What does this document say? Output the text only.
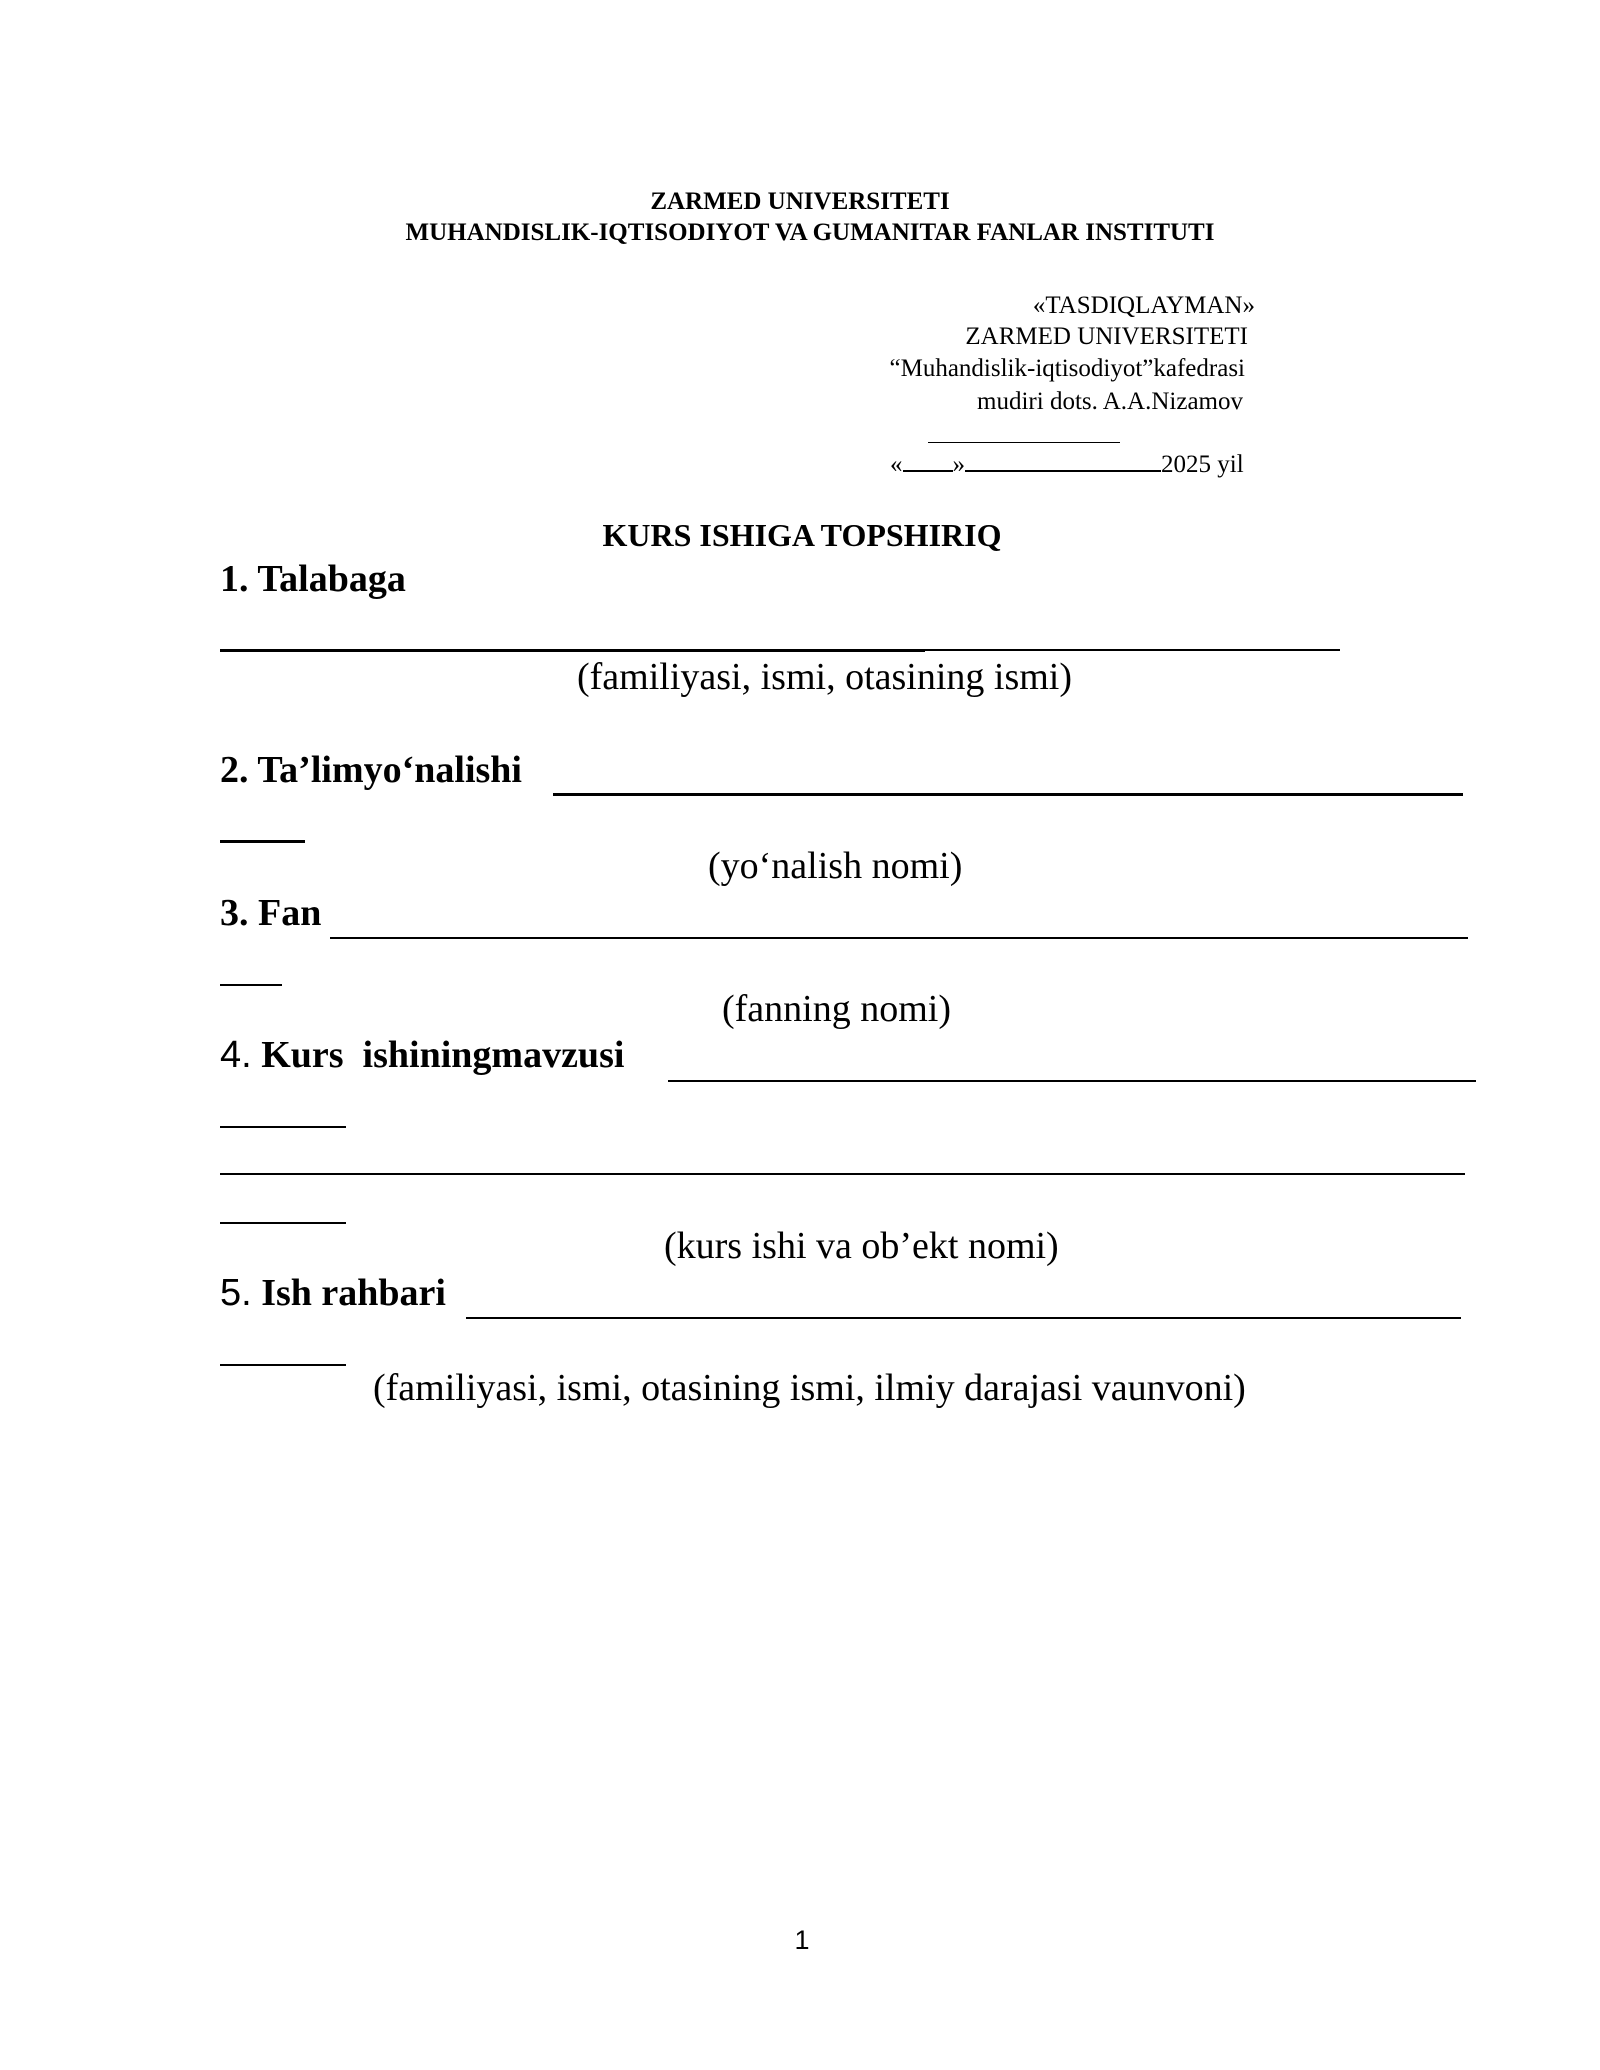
ZARMED UNIVERSITETI
MUHANDISLIK-IQTISODIYOT VA GUMANITAR FANLAR INSTITUTI
«TASDIQLAYMAN»
ZARMED UNIVERSITETI
“Muhandislik-iqtisodiyot”kafedrasi
mudiri dots. A.A.Nizamov
« »	2025 yil
KURS ISHIGA TOPSHIRIQ
1. Talabaga
(familiyasi, ismi, otasining ismi)
2. Ta’limyo‘nalishi
(yo‘nalish nomi)
3. Fan
(fanning nomi)
4. Kurs  ishiningmavzusi
(kurs ishi va ob’ekt nomi)
5. Ish rahbari
(familiyasi, ismi, otasining ismi, ilmiy darajasi vaunvoni)
1
